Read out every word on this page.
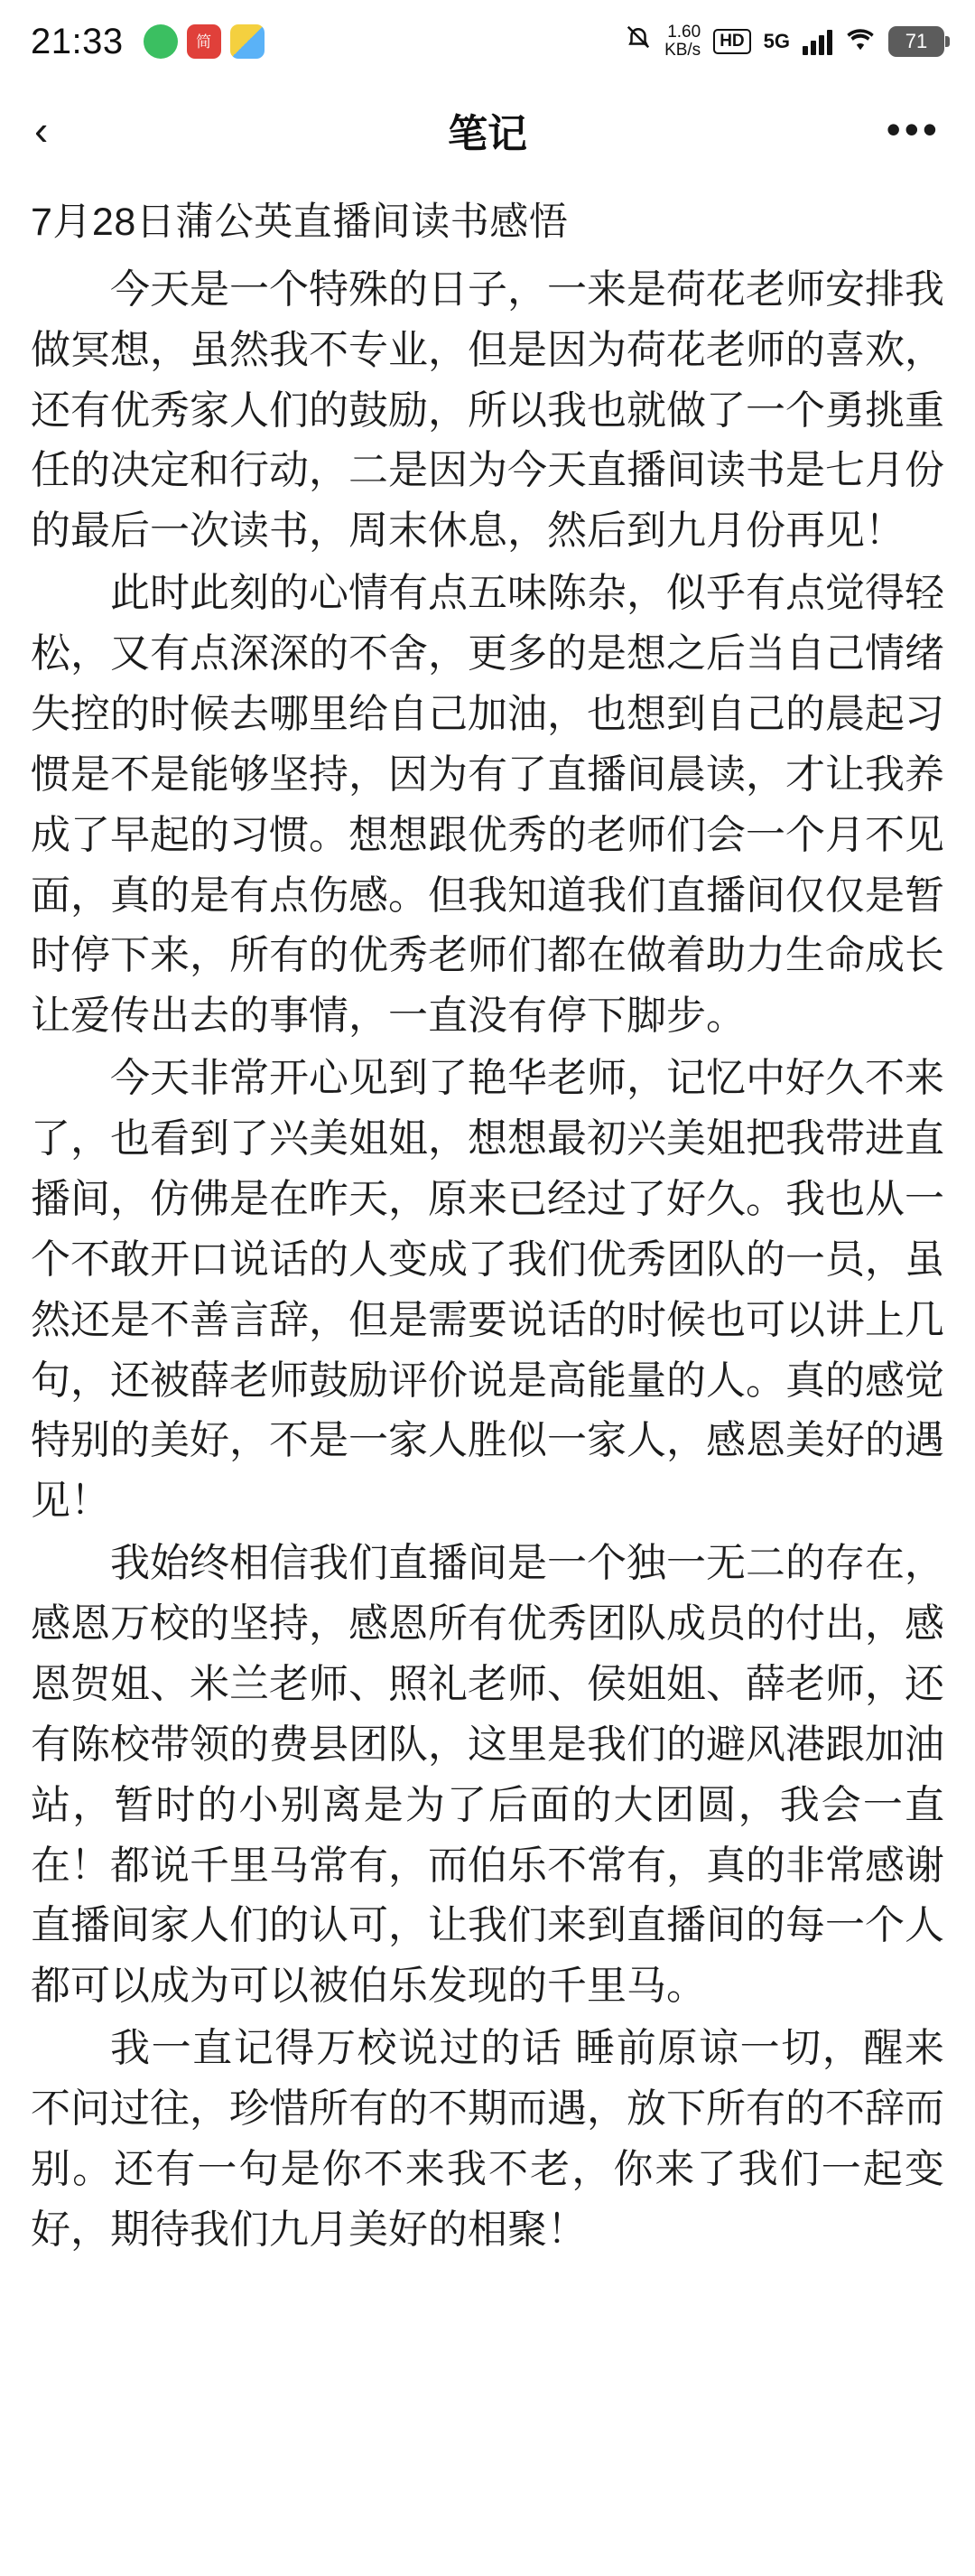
21:33	简	1.60
KB/s	HD 5G	71
‹	笔记	•••
7月28日蒲公英直播间读书感悟

今天是一个特殊的日子，一来是荷花老师安排我做冥想，虽然我不专业，但是因为荷花老师的喜欢，还有优秀家人们的鼓励，所以我也就做了一个勇挑重任的决定和行动，二是因为今天直播间读书是七月份的最后一次读书，周末休息，然后到九月份再见！

此时此刻的心情有点五味陈杂，似乎有点觉得轻松，又有点深深的不舍，更多的是想之后当自己情绪失控的时候去哪里给自己加油，也想到自己的晨起习惯是不是能够坚持，因为有了直播间晨读，才让我养成了早起的习惯。想想跟优秀的老师们会一个月不见面，真的是有点伤感。但我知道我们直播间仅仅是暂时停下来，所有的优秀老师们都在做着助力生命成长让爱传出去的事情，一直没有停下脚步。

今天非常开心见到了艳华老师，记忆中好久不来了，也看到了兴美姐姐，想想最初兴美姐把我带进直播间，仿佛是在昨天，原来已经过了好久。我也从一个不敢开口说话的人变成了我们优秀团队的一员，虽然还是不善言辞，但是需要说话的时候也可以讲上几句，还被薛老师鼓励评价说是高能量的人。真的感觉特别的美好，不是一家人胜似一家人，感恩美好的遇见！

我始终相信我们直播间是一个独一无二的存在，感恩万校的坚持，感恩所有优秀团队成员的付出，感恩贺姐、米兰老师、照礼老师、侯姐姐、薛老师，还有陈校带领的费县团队，这里是我们的避风港跟加油站，暂时的小别离是为了后面的大团圆，我会一直在！都说千里马常有，而伯乐不常有，真的非常感谢直播间家人们的认可，让我们来到直播间的每一个人都可以成为可以被伯乐发现的千里马。

我一直记得万校说过的话 睡前原谅一切，醒来不问过往，珍惜所有的不期而遇，放下所有的不辞而别。还有一句是你不来我不老，你来了我们一起变好，期待我们九月美好的相聚！
